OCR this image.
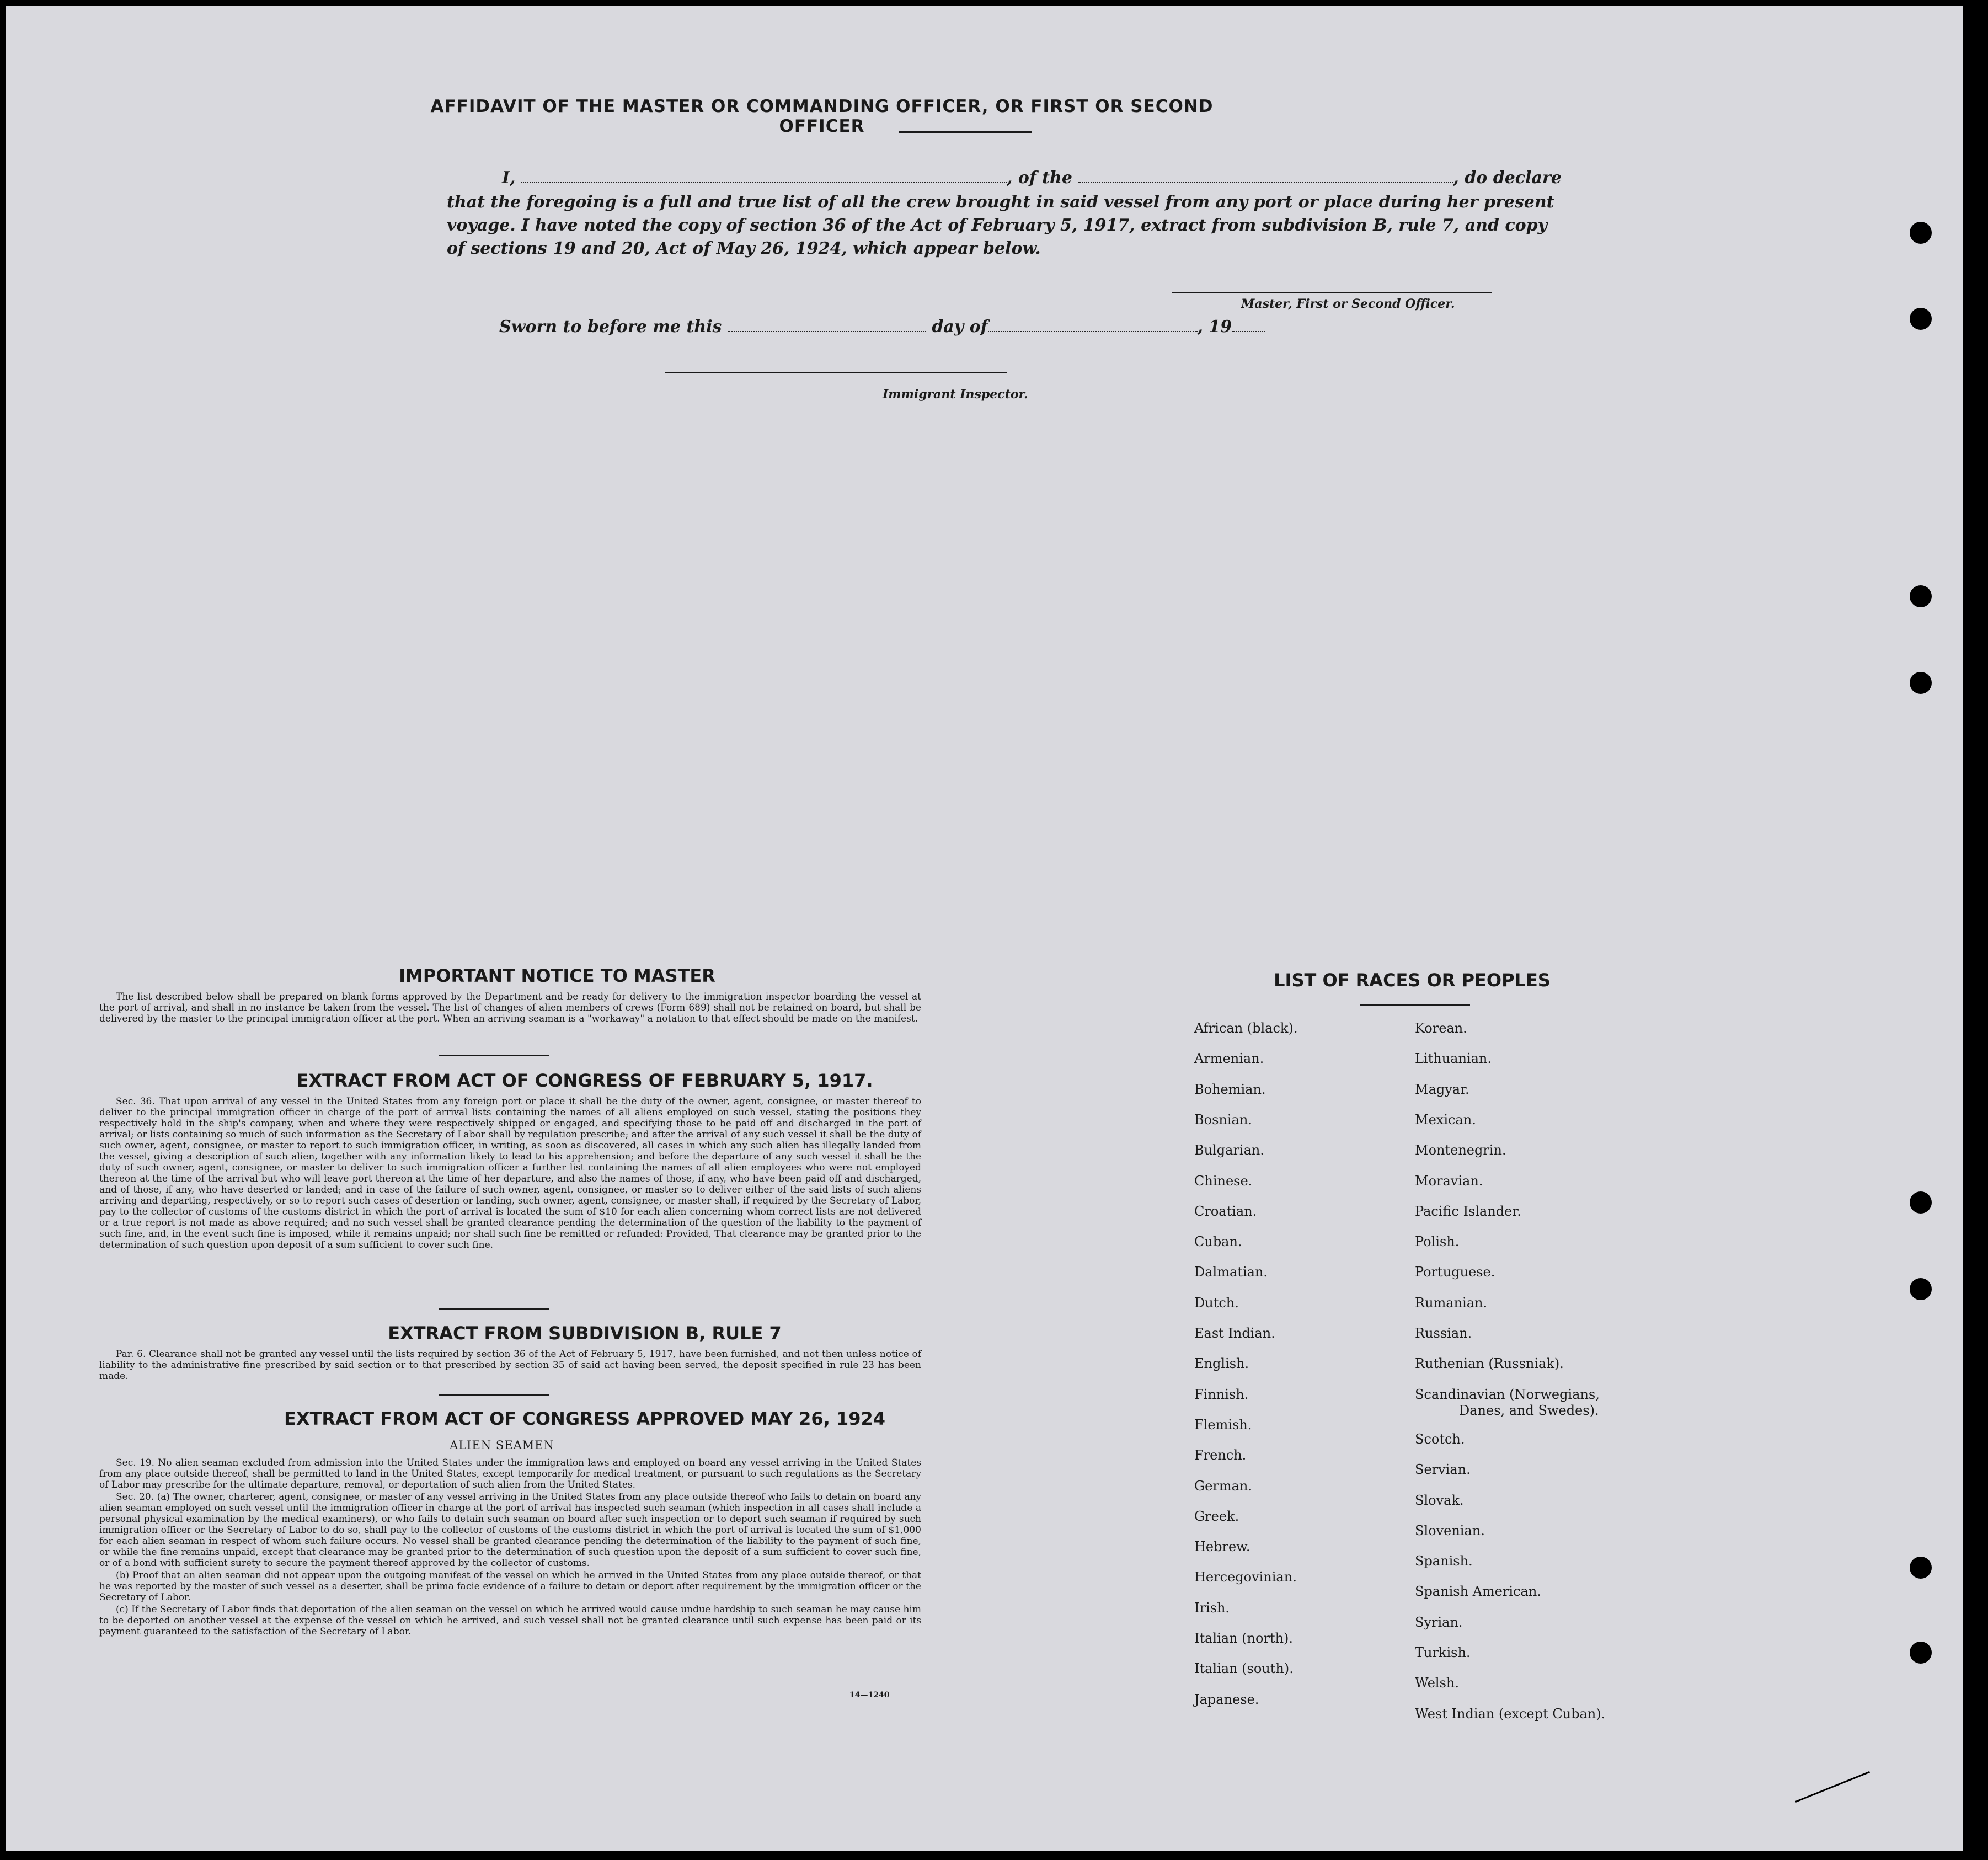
AFFIDAVIT OF THE MASTER OR COMMANDING OFFICER, OR FIRST OR SECOND OFFICER
I,	, of the	, do declare
that the foregoing is a full and true list of all the crew brought in said vessel from any port or place during her present
voyage. I have noted the copy of section 36 of the Act of February 5, 1917, extract from subdivision B, rule 7, and copy
of sections 19 and 20, Act of May 26, 1924, which appear below.
Master, First or Second Officer.
Sworn to before me this	day of	, 19
Immigrant Inspector.
IMPORTANT NOTICE TO MASTER

The list described below shall be prepared on blank forms approved by the Department and be ready for delivery to the immigration inspector boarding the vessel at the port of arrival, and shall in no instance be taken from the vessel. The list of changes of alien members of crews (Form 689) shall not be retained on board, but shall be delivered by the master to the principal immigration officer at the port. When an arriving seaman is a "workaway" a notation to that effect should be made on the manifest.

EXTRACT FROM ACT OF CONGRESS OF FEBRUARY 5, 1917.

Sec. 36. That upon arrival of any vessel in the United States from any foreign port or place it shall be the duty of the owner, agent, consignee, or master thereof to deliver to the principal immigration officer in charge of the port of arrival lists containing the names of all aliens employed on such vessel, stating the positions they respectively hold in the ship's company, when and where they were respectively shipped or engaged, and specifying those to be paid off and discharged in the port of arrival; or lists containing so much of such information as the Secretary of Labor shall by regulation prescribe; and after the arrival of any such vessel it shall be the duty of such owner, agent, consignee, or master to report to such immigration officer, in writing, as soon as discovered, all cases in which any such alien has illegally landed from the vessel, giving a description of such alien, together with any information likely to lead to his apprehension; and before the departure of any such vessel it shall be the duty of such owner, agent, consignee, or master to deliver to such immigration officer a further list containing the names of all alien employees who were not employed thereon at the time of the arrival but who will leave port thereon at the time of her departure, and also the names of those, if any, who have been paid off and discharged, and of those, if any, who have deserted or landed; and in case of the failure of such owner, agent, consignee, or master so to deliver either of the said lists of such aliens arriving and departing, respectively, or so to report such cases of desertion or landing, such owner, agent, consignee, or master shall, if required by the Secretary of Labor, pay to the collector of customs of the customs district in which the port of arrival is located the sum of $10 for each alien concerning whom correct lists are not delivered or a true report is not made as above required; and no such vessel shall be granted clearance pending the determination of the question of the liability to the payment of such fine, and, in the event such fine is imposed, while it remains unpaid; nor shall such fine be remitted or refunded: Provided, That clearance may be granted prior to the determination of such question upon deposit of a sum sufficient to cover such fine.

EXTRACT FROM SUBDIVISION B, RULE 7

Par. 6. Clearance shall not be granted any vessel until the lists required by section 36 of the Act of February 5, 1917, have been furnished, and not then unless notice of liability to the administrative fine prescribed by said section or to that prescribed by section 35 of said act having been served, the deposit specified in rule 23 has been made.

EXTRACT FROM ACT OF CONGRESS APPROVED MAY 26, 1924
ALIEN SEAMEN

Sec. 19. No alien seaman excluded from admission into the United States under the immigration laws and employed on board any vessel arriving in the United States from any place outside thereof, shall be permitted to land in the United States, except temporarily for medical treatment, or pursuant to such regulations as the Secretary of Labor may prescribe for the ultimate departure, removal, or deportation of such alien from the United States.

Sec. 20. (a) The owner, charterer, agent, consignee, or master of any vessel arriving in the United States from any place outside thereof who fails to detain on board any alien seaman employed on such vessel until the immigration officer in charge at the port of arrival has inspected such seaman (which inspection in all cases shall include a personal physical examination by the medical examiners), or who fails to detain such seaman on board after such inspection or to deport such seaman if required by such immigration officer or the Secretary of Labor to do so, shall pay to the collector of customs of the customs district in which the port of arrival is located the sum of $1,000 for each alien seaman in respect of whom such failure occurs. No vessel shall be granted clearance pending the determination of the liability to the payment of such fine, or while the fine remains unpaid, except that clearance may be granted prior to the determination of such question upon the deposit of a sum sufficient to cover such fine, or of a bond with sufficient surety to secure the payment thereof approved by the collector of customs.

(b) Proof that an alien seaman did not appear upon the outgoing manifest of the vessel on which he arrived in the United States from any place outside thereof, or that he was reported by the master of such vessel as a deserter, shall be prima facie evidence of a failure to detain or deport after requirement by the immigration officer or the Secretary of Labor.

(c) If the Secretary of Labor finds that deportation of the alien seaman on the vessel on which he arrived would cause undue hardship to such seaman he may cause him to be deported on another vessel at the expense of the vessel on which he arrived, and such vessel shall not be granted clearance until such expense has been paid or its payment guaranteed to the satisfaction of the Secretary of Labor.

14—1240
LIST OF RACES OR PEOPLES
African (black).
Armenian.
Bohemian.
Bosnian.
Bulgarian.
Chinese.
Croatian.
Cuban.
Dalmatian.
Dutch.
East Indian.
English.
Finnish.
Flemish.
French.
German.
Greek.
Hebrew.
Hercegovinian.
Irish.
Italian (north).
Italian (south).
Japanese.
Korean.
Lithuanian.
Magyar.
Mexican.
Montenegrin.
Moravian.
Pacific Islander.
Polish.
Portuguese.
Rumanian.
Russian.
Ruthenian (Russniak).
Scandinavian (Norwegians,
Danes, and Swedes).
Scotch.
Servian.
Slovak.
Slovenian.
Spanish.
Spanish American.
Syrian.
Turkish.
Welsh.
West Indian (except Cuban).
